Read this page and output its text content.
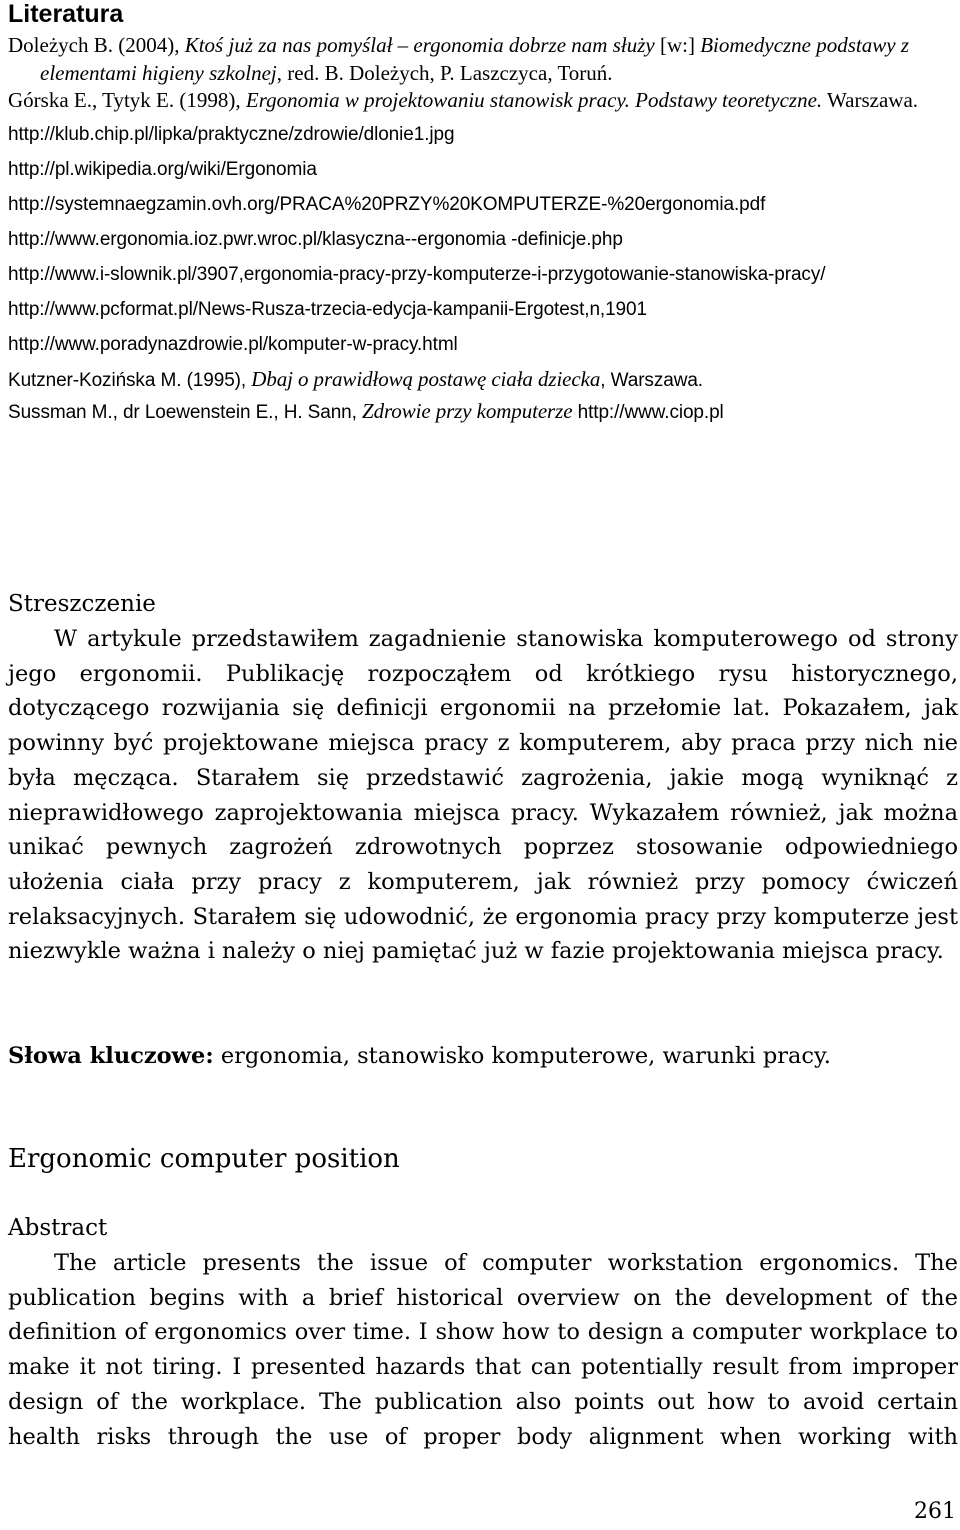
Literatura

Doleżych B. (2004), Ktoś już za nas pomyślał – ergonomia dobrze nam służy [w:] Biomedyczne podstawy z elementami higieny szkolnej, red. B. Doleżych, P. Laszczyca, Toruń.

Górska E., Tytyk E. (1998), Ergonomia w projektowaniu stanowisk pracy. Podstawy teoretyczne. Warszawa.

http://klub.chip.pl/lipka/praktyczne/zdrowie/dlonie1.jpg

http://pl.wikipedia.org/wiki/Ergonomia

http://systemnaegzamin.ovh.org/PRACA%20PRZY%20KOMPUTERZE-%20ergonomia.pdf

http://www.ergonomia.ioz.pwr.wroc.pl/klasyczna--ergonomia -definicje.php

http://www.i-slownik.pl/3907,ergonomia-pracy-przy-komputerze-i-przygotowanie-stanowiska-pracy/

http://www.pcformat.pl/News-Rusza-trzecia-edycja-kampanii-Ergotest,n,1901

http://www.poradynazdrowie.pl/komputer-w-pracy.html

Kutzner-Kozińska M. (1995), Dbaj o prawidłową postawę ciała dziecka, Warszawa.

Sussman M., dr Loewenstein E., H. Sann, Zdrowie przy komputerze http://www.ciop.pl

Streszczenie

W artykule przedstawiłem zagadnienie stanowiska komputerowego od strony jego ergonomii. Publikację rozpocząłem od krótkiego rysu historycznego, dotyczącego rozwijania się definicji ergonomii na przełomie lat. Pokazałem, jak powinny być projektowane miejsca pracy z komputerem, aby praca przy nich nie była męcząca. Starałem się przedstawić zagrożenia, jakie mogą wyniknąć z nieprawidłowego zaprojektowania miejsca pracy. Wykazałem również, jak można unikać pewnych zagrożeń zdrowotnych poprzez stosowanie odpowiedniego ułożenia ciała przy pracy z komputerem, jak również przy pomocy ćwiczeń relaksacyjnych. Starałem się udowodnić, że ergonomia pracy przy komputerze jest niezwykle ważna i należy o niej pamiętać już w fazie projektowania miejsca pracy.

Słowa kluczowe: ergonomia, stanowisko komputerowe, warunki pracy.
Ergonomic computer position
Abstract

The article presents the issue of computer workstation ergonomics. The publication begins with a brief historical overview on the development of the definition of ergonomics over time. I show how to design a computer workplace to make it not tiring. I presented hazards that can potentially result from improper design of the workplace. The publication also points out how to avoid certain health risks through the use of proper body alignment when working with

261
